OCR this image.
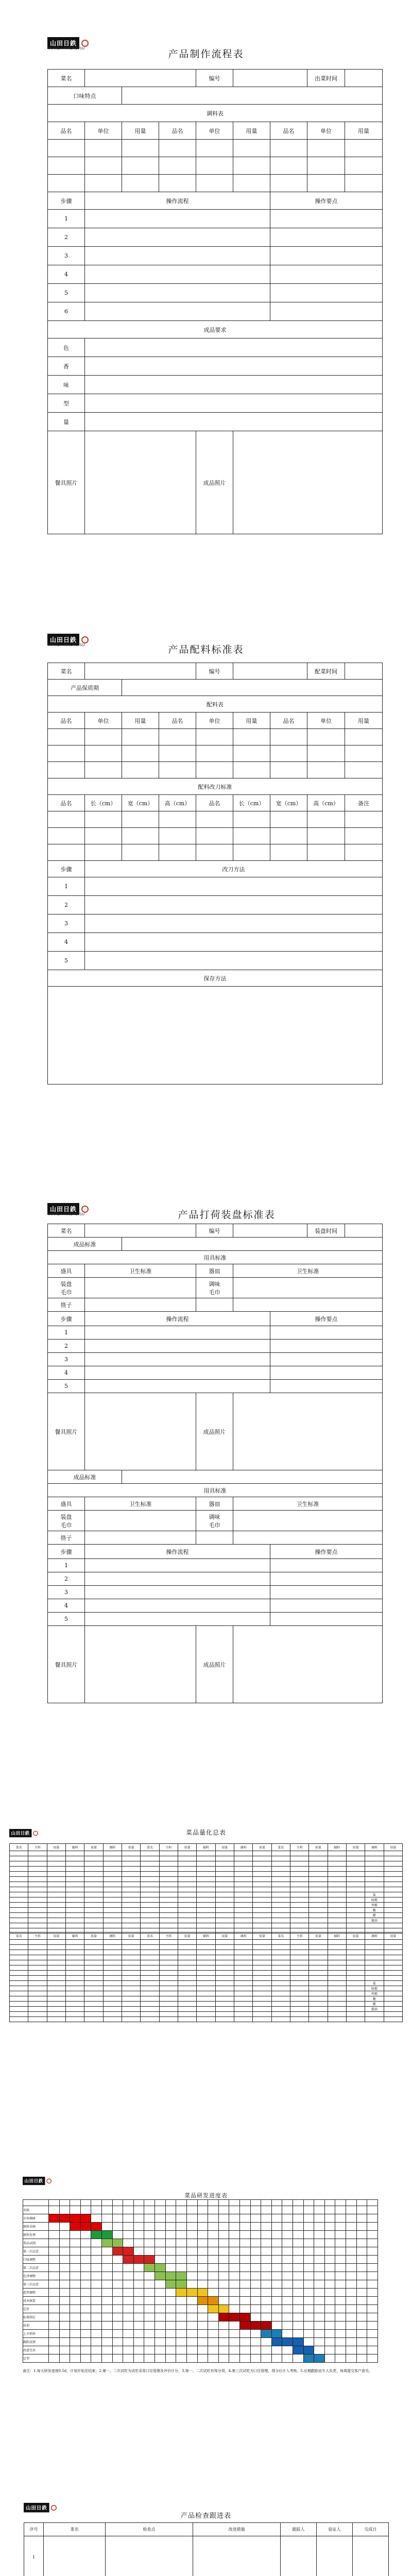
山田日鉄
YAMADA HINOTETSU	产品制作流程表
菜名				编号			出菜时间	
口味特点								
调料表								
品名	单位	用量	品名	单位	用量	品名	单位	用量

步骤	操作流程					操作要点		
1								
2								
3								
4								
5								
6								
成品要求								
色								
香								
味								
型								
量								
餐具照片				成品照片				
山田日鉄
YAMADA HINOTETSU	产品配料标准表
菜名				编号			配菜时间	
产品保质期								
配料表								
品名	单位	用量	品名	单位	用量	品名	单位	用量

配料改刀标准								
品名	长（cm）	宽（cm）	高（cm）	品名	长（cm）	宽（cm）	高（cm）	备注

步骤	改刀方法							
1								
2								
3								
4								
5								
保存方法								

山田日鉄
YAMADA HINOTETSU	产品打荷装盘标准表
菜名			编号			装盘时间	
成品标准							
用具标准							
盛具	卫生标准		器皿	卫生标准			
装盘
毛巾			调味
毛巾				
筷子							
步骤	操作流程				操作要点		
1							
2							
3							
4							
5							
餐具照片			成品照片				
成品标准							
用具标准							
盛具	卫生标准		器皿	卫生标准			
装盘
毛巾			调味
毛巾				
筷子							
步骤	操作流程				操作要点		
1							
2							
3							
4							
5							
餐具照片			成品照片				
山田日鉄	菜品量化总表
菜名	主料	用量	辅料	用量	调料	用量	菜名	主料	用量	辅料	用量	调料	用量	菜名	主料	用量	辅料	用量	调料	用量

																			盐	
																			味精	
																			鸡精	
																			糖	
																			醋	
																			酱油	

菜名	主料	用量	辅料	用量	调料	用量	菜名	主料	用量	辅料	用量	调料	用量	菜名	主料	用量	辅料	用量	调料	用量

																			盐	
																			味精	
																			鸡精	
																			糖	
																			醋	
																			酱油	

山田日鉄
菜品研发进度表

名称																															
市场调研																															
原料采购																															
原料处理																															
菜品试制																															
第一次品尝																															
口味调整																															
第二次品尝																															
色泽调整																															
第三次品尝																															
造型调整																															
成本核算																															
定价																															
标准制定																															
培训																															
上市销售																															
跟踪反馈																															
改进完善																															
定型																															
备注：1.每天研发进度0.5d，计划开始至结束；2.第一、二次试吃为试吃采用口径管理及评价计分，3.第一、二次试吃有得分项，4.第三次试吃为口径管理，得分后计入考核，5.后期跟踪由专人负责，每周提交客户意见。
山田日鉄
产品检查跟进表
序号	菜名	检查点	改进措施	跟踪人	验证人	完成日
1						
